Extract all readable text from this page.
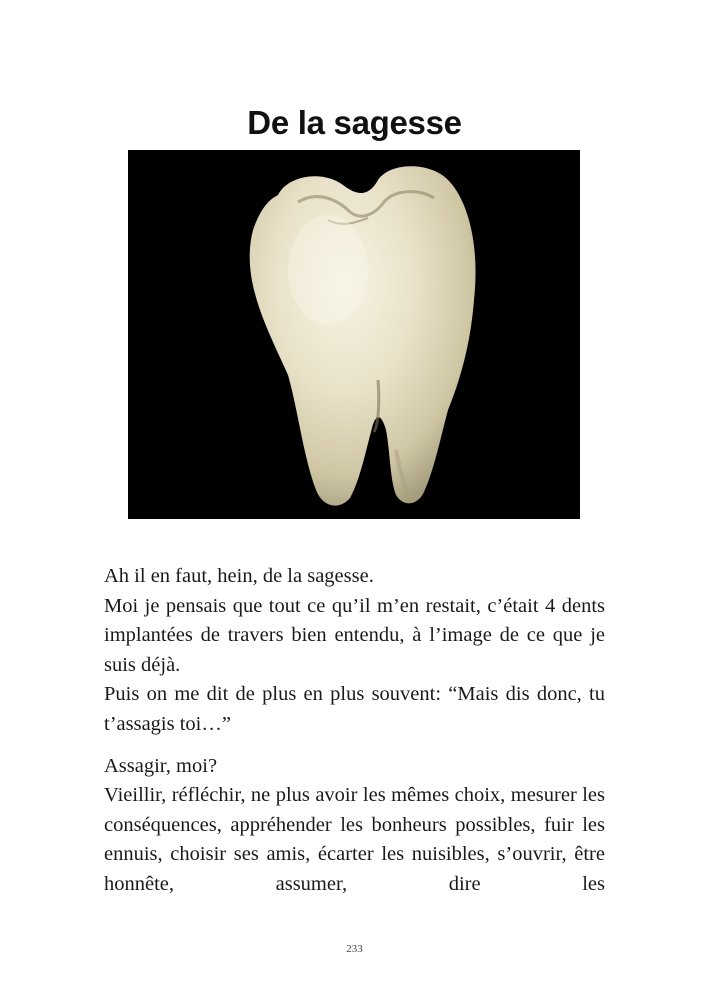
De la sagesse

Ah il en faut, hein, de la sagesse.

Moi je pensais que tout ce qu’il m’en restait, c’était 4 dents implantées de travers bien entendu, à l’image de ce que je suis déjà.

Puis on me dit de plus en plus souvent: “Mais dis donc, tu t’assagis toi…”

Assagir, moi?

Vieillir, réfléchir, ne plus avoir les mêmes choix, mesurer les conséquences, appréhender les bonheurs possibles, fuir les ennuis, choisir ses amis, écarter les nuisibles, s’ouvrir, être honnête, assumer, dire les

233
